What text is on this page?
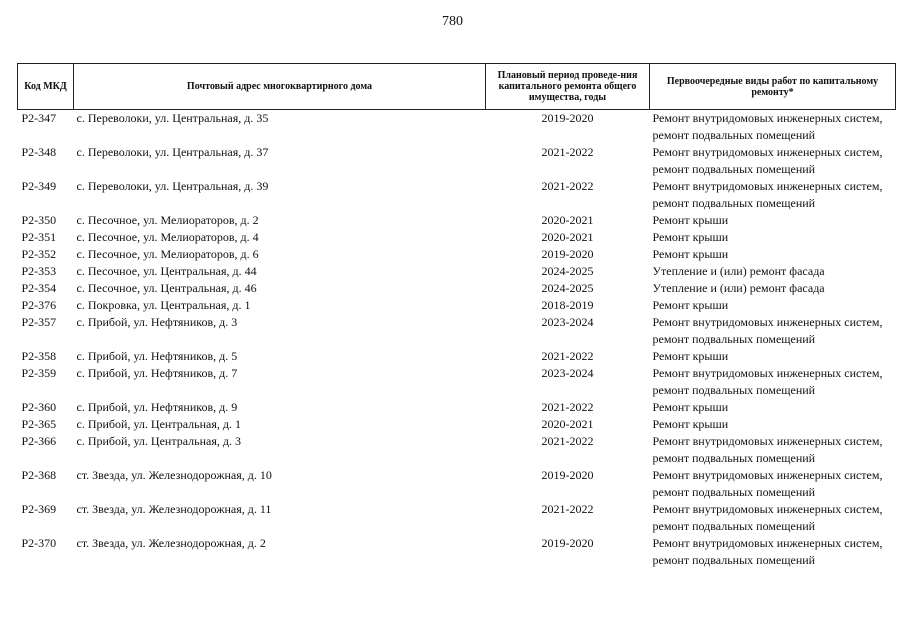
780
Код МКД	Почтовый адрес многоквартирного дома	Плановый период проведе-ния капитального ремонта общего имущества, годы	Первоочередные виды работ по капитальному ремонту*
Р2-347	с. Переволоки, ул. Центральная, д. 35	2019-2020	Ремонт внутридомовых инженерных систем, ремонт подвальных помещений
Р2-348	с. Переволоки, ул. Центральная, д. 37	2021-2022	Ремонт внутридомовых инженерных систем, ремонт подвальных помещений
Р2-349	с. Переволоки, ул. Центральная, д. 39	2021-2022	Ремонт внутридомовых инженерных систем, ремонт подвальных помещений
Р2-350	с. Песочное, ул. Мелиораторов, д. 2	2020-2021	Ремонт крыши
Р2-351	с. Песочное, ул. Мелиораторов, д. 4	2020-2021	Ремонт крыши
Р2-352	с. Песочное, ул. Мелиораторов, д. 6	2019-2020	Ремонт крыши
Р2-353	с. Песочное, ул. Центральная, д. 44	2024-2025	Утепление и (или) ремонт фасада
Р2-354	с. Песочное, ул. Центральная, д. 46	2024-2025	Утепление и (или) ремонт фасада
Р2-376	с. Покровка, ул. Центральная, д. 1	2018-2019	Ремонт крыши
Р2-357	с. Прибой, ул. Нефтяников, д. 3	2023-2024	Ремонт внутридомовых инженерных систем, ремонт подвальных помещений
Р2-358	с. Прибой, ул. Нефтяников, д. 5	2021-2022	Ремонт крыши
Р2-359	с. Прибой, ул. Нефтяников, д. 7	2023-2024	Ремонт внутридомовых инженерных систем, ремонт подвальных помещений
Р2-360	с. Прибой, ул. Нефтяников, д. 9	2021-2022	Ремонт крыши
Р2-365	с. Прибой, ул. Центральная, д. 1	2020-2021	Ремонт крыши
Р2-366	с. Прибой, ул. Центральная, д. 3	2021-2022	Ремонт внутридомовых инженерных систем, ремонт подвальных помещений
Р2-368	ст. Звезда, ул. Железнодорожная, д. 10	2019-2020	Ремонт внутридомовых инженерных систем, ремонт подвальных помещений
Р2-369	ст. Звезда, ул. Железнодорожная, д. 11	2021-2022	Ремонт внутридомовых инженерных систем, ремонт подвальных помещений
Р2-370	ст. Звезда, ул. Железнодорожная, д. 2	2019-2020	Ремонт внутридомовых инженерных систем, ремонт подвальных помещений
